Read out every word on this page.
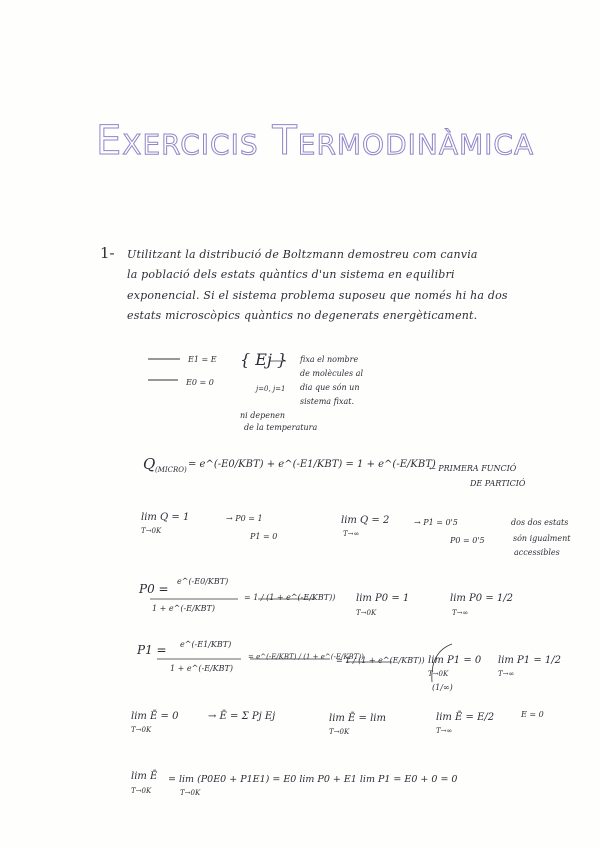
Exercicis Termodinàmica
1- Utilitzant la distribució de Boltzmann demostreu com canvia
la població dels estats quàntics d'un sistema en equilibri
exponencial. Si el sistema problema suposeu que només hi ha dos
estats microscòpics quàntics no degenerats energèticament.
E1 = E
E0 = 0
{ Ej }
j=0, j=1
ni depenen
de la temperatura
fixa el nombre
de molècules al
dia que són un
sistema fixat.
Q (MICRO) = e^(-E0/KBT) + e^(-E1/KBT) = 1 + e^(-E/KBT)
← PRIMERA FUNCIÓ
DE PARTICIÓ
lim Q = 1
T→0K
→ P0 = 1
P1 = 0
lim Q = 2
T→∞
→ P1 = 0'5
P0 = 0'5
dos dos estats
són igualment
accessibles
P0 =
e^(-E0/KBT)
1 + e^(-E/KBT)
= 1 / (1 + e^(-E/KBT)) lim P0 = 1
T→0K
lim P0 = 1/2
T→∞
P1 = e^(-E1/KBT)
1 + e^(-E/KBT)
= e^(-E/KBT) / (1 + e^(-E/KBT))
= 1 / (1 + e^(E/KBT)) lim P1 = 0
T→0K
(1/∞)
lim P1 = 1/2
T→∞
lim Ē = 0
T→0K
→ Ē = Σ Pj Ej	lim Ē = lim
T→0K
lim Ē = E/2
T→∞
E = 0
lim Ē
T→0K
= lim (P0E0 + P1E1) = E0 lim P0 + E1 lim P1 = E0 + 0 = 0
T→0K
